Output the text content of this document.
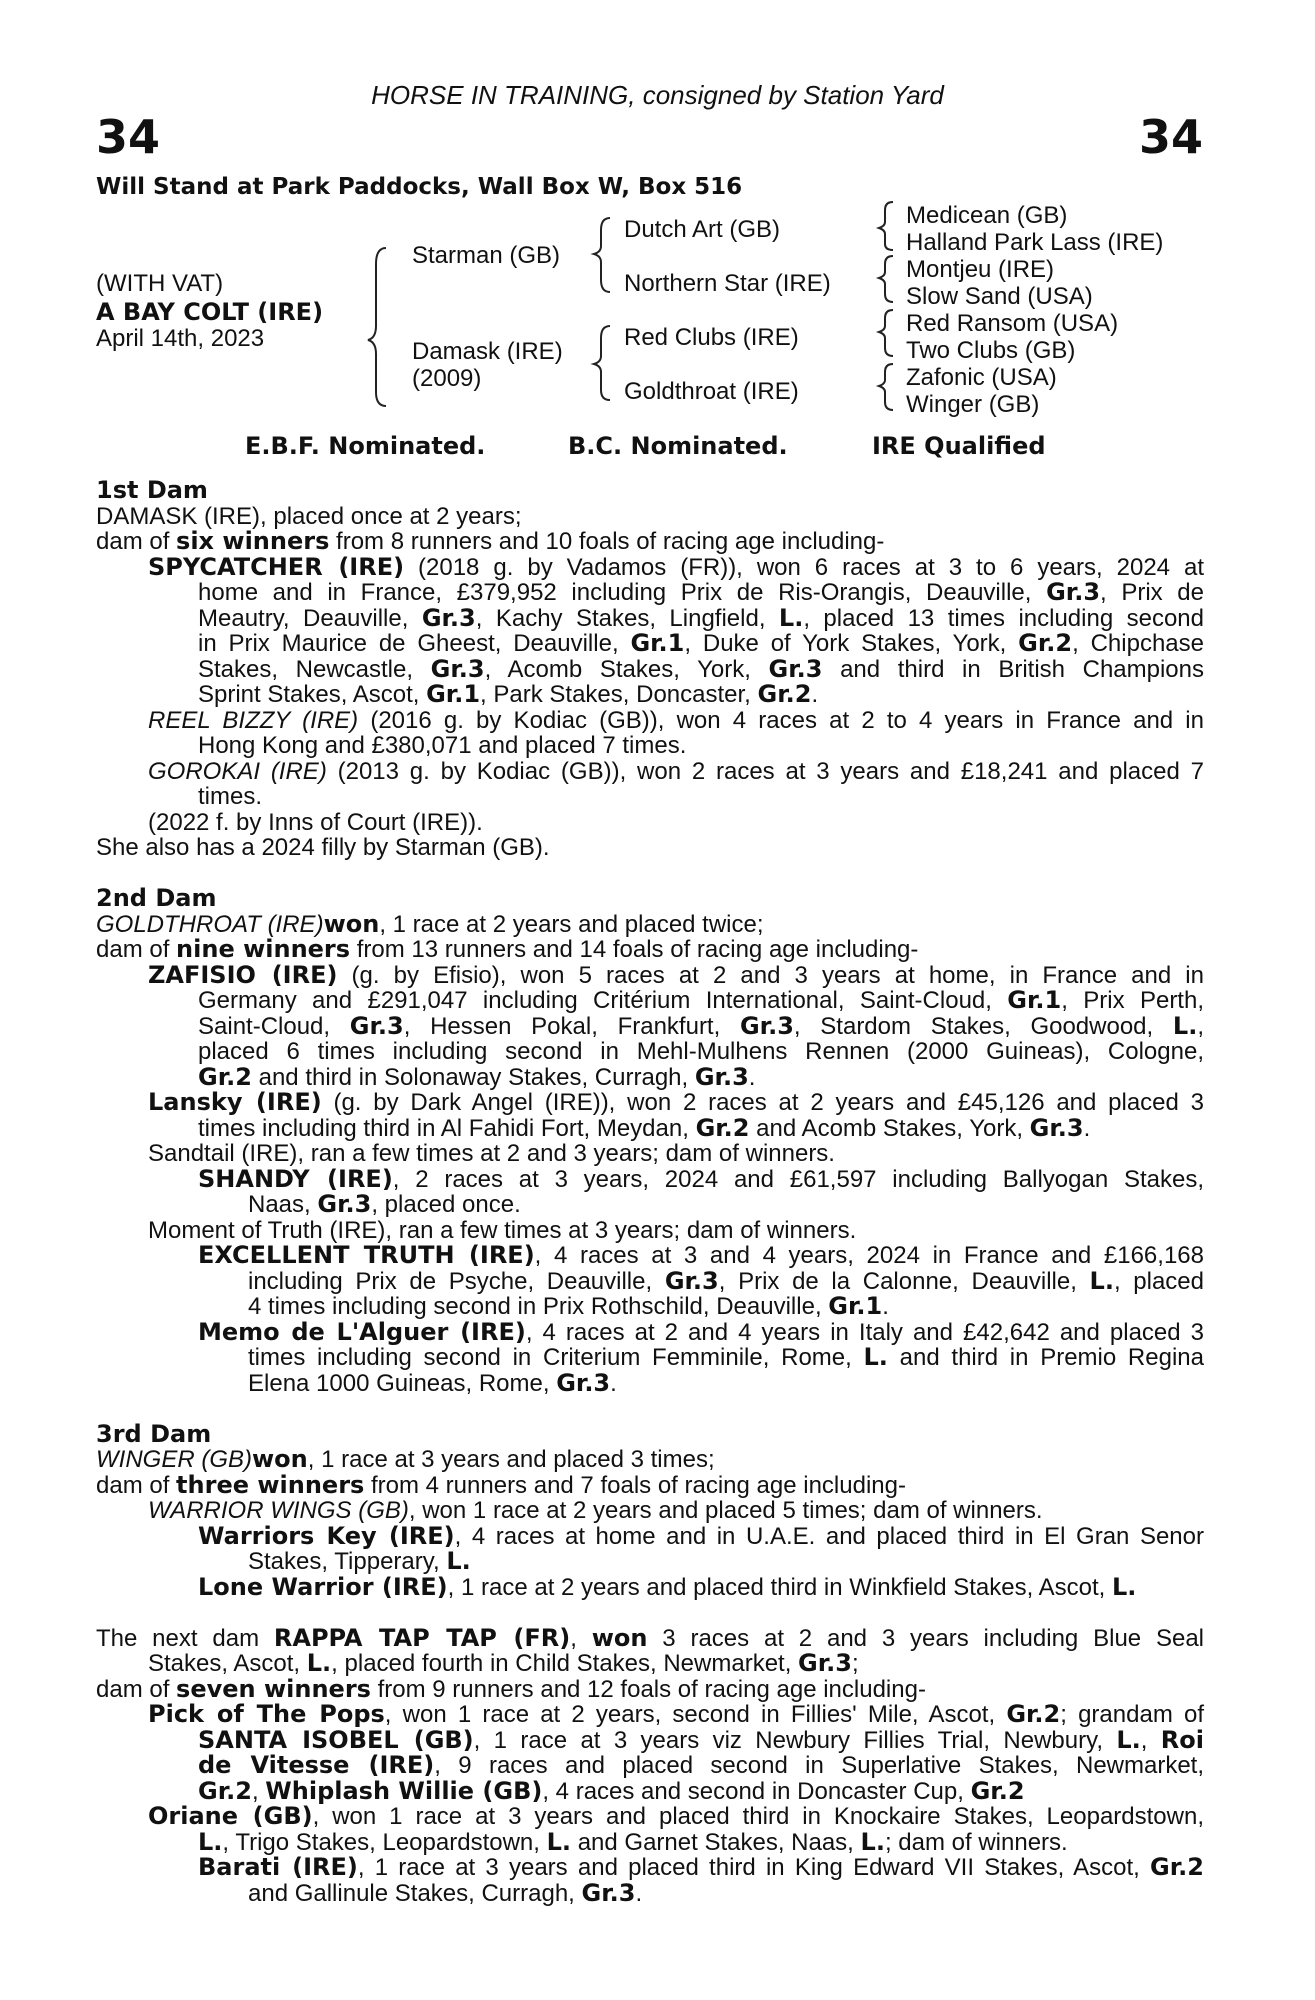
HORSE IN TRAINING, consigned by Station Yard
34	34
Will Stand at Park Paddocks, Wall Box W, Box 516
(WITH VAT)
A BAY COLT (IRE)
April 14th, 2023
Starman (GB)
Damask (IRE)
(2009)
Dutch Art (GB)
Northern Star (IRE)
Red Clubs (IRE)
Goldthroat (IRE)
Medicean (GB)
Halland Park Lass (IRE)
Montjeu (IRE)
Slow Sand (USA)
Red Ransom (USA)
Two Clubs (GB)
Zafonic (USA)
Winger (GB)
E.B.F. Nominated.	B.C. Nominated.	IRE Qualified
1st Dam
DAMASK (IRE), placed once at 2 years;
dam of six winners from 8 runners and 10 foals of racing age including-
SPYCATCHER (IRE) (2018 g. by Vadamos (FR)), won 6 races at 3 to 6 years, 2024 at
home and in France, £379,952 including Prix de Ris-Orangis, Deauville, Gr.3, Prix de
Meautry, Deauville, Gr.3, Kachy Stakes, Lingfield, L., placed 13 times including second
in Prix Maurice de Gheest, Deauville, Gr.1, Duke of York Stakes, York, Gr.2, Chipchase
Stakes, Newcastle, Gr.3, Acomb Stakes, York, Gr.3 and third in British Champions
Sprint Stakes, Ascot, Gr.1, Park Stakes, Doncaster, Gr.2.
REEL BIZZY (IRE) (2016 g. by Kodiac (GB)), won 4 races at 2 to 4 years in France and in
Hong Kong and £380,071 and placed 7 times.
GOROKAI (IRE) (2013 g. by Kodiac (GB)), won 2 races at 3 years and £18,241 and placed 7
times.
(2022 f. by Inns of Court (IRE)).
She also has a 2024 filly by Starman (GB).
2nd Dam
GOLDTHROAT (IRE)won, 1 race at 2 years and placed twice;
dam of nine winners from 13 runners and 14 foals of racing age including-
ZAFISIO (IRE) (g. by Efisio), won 5 races at 2 and 3 years at home, in France and in
Germany and £291,047 including Critérium International, Saint-Cloud, Gr.1, Prix Perth,
Saint-Cloud, Gr.3, Hessen Pokal, Frankfurt, Gr.3, Stardom Stakes, Goodwood, L.,
placed 6 times including second in Mehl-Mulhens Rennen (2000 Guineas), Cologne,
Gr.2 and third in Solonaway Stakes, Curragh, Gr.3.
Lansky (IRE) (g. by Dark Angel (IRE)), won 2 races at 2 years and £45,126 and placed 3
times including third in Al Fahidi Fort, Meydan, Gr.2 and Acomb Stakes, York, Gr.3.
Sandtail (IRE), ran a few times at 2 and 3 years; dam of winners.
SHANDY (IRE), 2 races at 3 years, 2024 and £61,597 including Ballyogan Stakes,
Naas, Gr.3, placed once.
Moment of Truth (IRE), ran a few times at 3 years; dam of winners.
EXCELLENT TRUTH (IRE), 4 races at 3 and 4 years, 2024 in France and £166,168
including Prix de Psyche, Deauville, Gr.3, Prix de la Calonne, Deauville, L., placed
4 times including second in Prix Rothschild, Deauville, Gr.1.
Memo de L'Alguer (IRE), 4 races at 2 and 4 years in Italy and £42,642 and placed 3
times including second in Criterium Femminile, Rome, L. and third in Premio Regina
Elena 1000 Guineas, Rome, Gr.3.
3rd Dam
WINGER (GB)won, 1 race at 3 years and placed 3 times;
dam of three winners from 4 runners and 7 foals of racing age including-
WARRIOR WINGS (GB), won 1 race at 2 years and placed 5 times; dam of winners.
Warriors Key (IRE), 4 races at home and in U.A.E. and placed third in El Gran Senor
Stakes, Tipperary, L.
Lone Warrior (IRE), 1 race at 2 years and placed third in Winkfield Stakes, Ascot, L.
The next dam RAPPA TAP TAP (FR), won 3 races at 2 and 3 years including Blue Seal
Stakes, Ascot, L., placed fourth in Child Stakes, Newmarket, Gr.3;
dam of seven winners from 9 runners and 12 foals of racing age including-
Pick of The Pops, won 1 race at 2 years, second in Fillies' Mile, Ascot, Gr.2; grandam of
SANTA ISOBEL (GB), 1 race at 3 years viz Newbury Fillies Trial, Newbury, L., Roi
de Vitesse (IRE), 9 races and placed second in Superlative Stakes, Newmarket,
Gr.2, Whiplash Willie (GB), 4 races and second in Doncaster Cup, Gr.2
Oriane (GB), won 1 race at 3 years and placed third in Knockaire Stakes, Leopardstown,
L., Trigo Stakes, Leopardstown, L. and Garnet Stakes, Naas, L.; dam of winners.
Barati (IRE), 1 race at 3 years and placed third in King Edward VII Stakes, Ascot, Gr.2
and Gallinule Stakes, Curragh, Gr.3.
